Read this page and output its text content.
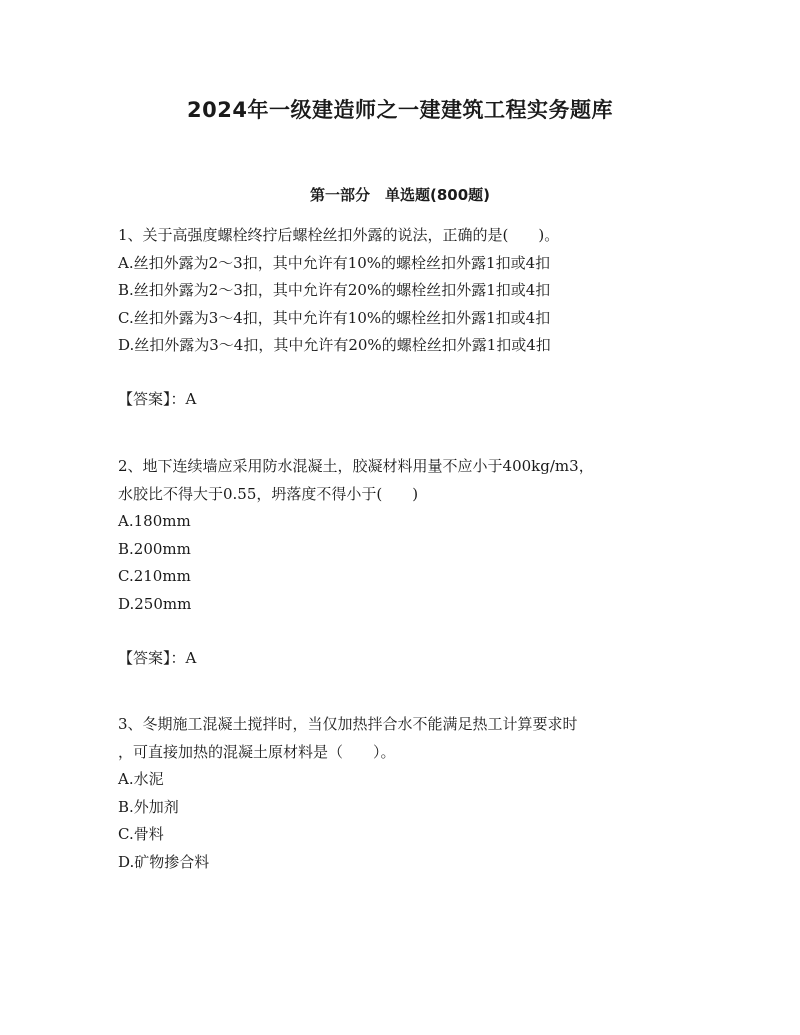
2024年一级建造师之一建建筑工程实务题库
第一部分　单选题(800题)
1、关于高强度螺栓终拧后螺栓丝扣外露的说法，正确的是(　　)。
A.丝扣外露为2～3扣，其中允许有10%的螺栓丝扣外露1扣或4扣
B.丝扣外露为2～3扣，其中允许有20%的螺栓丝扣外露1扣或4扣
C.丝扣外露为3～4扣，其中允许有10%的螺栓丝扣外露1扣或4扣
D.丝扣外露为3～4扣，其中允许有20%的螺栓丝扣外露1扣或4扣
【答案】：A
2、地下连续墙应采用防水混凝土，胶凝材料用量不应小于400kg/m3，
水胶比不得大于0.55，坍落度不得小于(　　)
A.180mm
B.200mm
C.210mm
D.250mm
【答案】：A
3、冬期施工混凝土搅拌时，当仅加热拌合水不能满足热工计算要求时
，可直接加热的混凝土原材料是（　　）。
A.水泥
B.外加剂
C.骨料
D.矿物掺合料
